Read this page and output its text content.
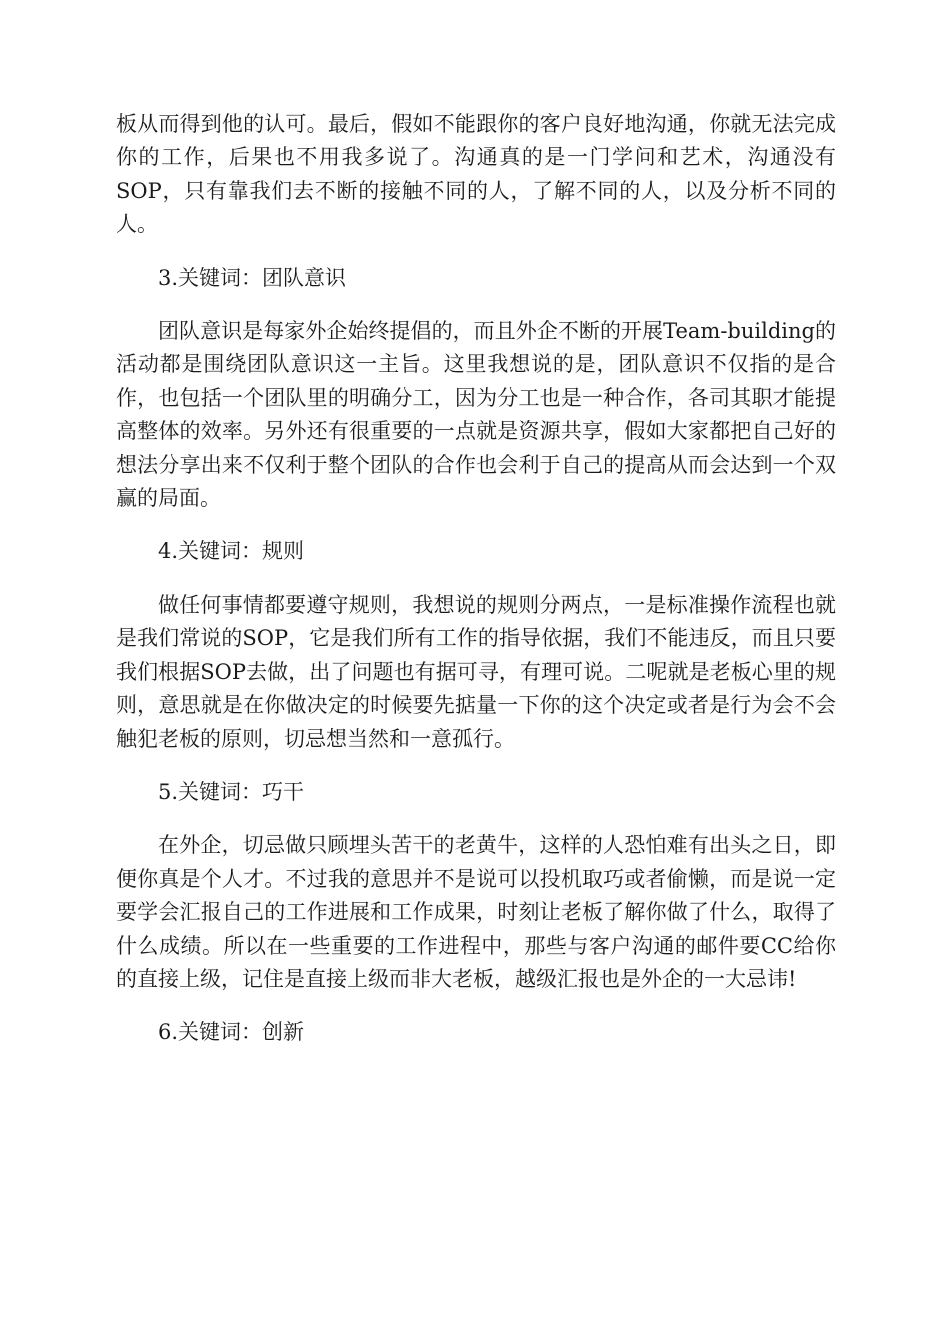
板从而得到他的认可。最后，假如不能跟你的客户良好地沟通，你就无法完成你的工作，后果也不用我多说了。沟通真的是一门学问和艺术，沟通没有SOP，只有靠我们去不断的接触不同的人，了解不同的人，以及分析不同的人。

3.关键词：团队意识

团队意识是每家外企始终提倡的，而且外企不断的开展Team-building的活动都是围绕团队意识这一主旨。这里我想说的是，团队意识不仅指的是合作，也包括一个团队里的明确分工，因为分工也是一种合作，各司其职才能提高整体的效率。另外还有很重要的一点就是资源共享，假如大家都把自己好的想法分享出来不仅利于整个团队的合作也会利于自己的提高从而会达到一个双赢的局面。

4.关键词：规则

做任何事情都要遵守规则，我想说的规则分两点，一是标准操作流程也就是我们常说的SOP，它是我们所有工作的指导依据，我们不能违反，而且只要我们根据SOP去做，出了问题也有据可寻，有理可说。二呢就是老板心里的规则，意思就是在你做决定的时候要先掂量一下你的这个决定或者是行为会不会触犯老板的原则，切忌想当然和一意孤行。

5.关键词：巧干

在外企，切忌做只顾埋头苦干的老黄牛，这样的人恐怕难有出头之日，即便你真是个人才。不过我的意思并不是说可以投机取巧或者偷懒，而是说一定要学会汇报自己的工作进展和工作成果，时刻让老板了解你做了什么，取得了什么成绩。所以在一些重要的工作进程中，那些与客户沟通的邮件要CC给你的直接上级，记住是直接上级而非大老板，越级汇报也是外企的一大忌讳!

6.关键词：创新
